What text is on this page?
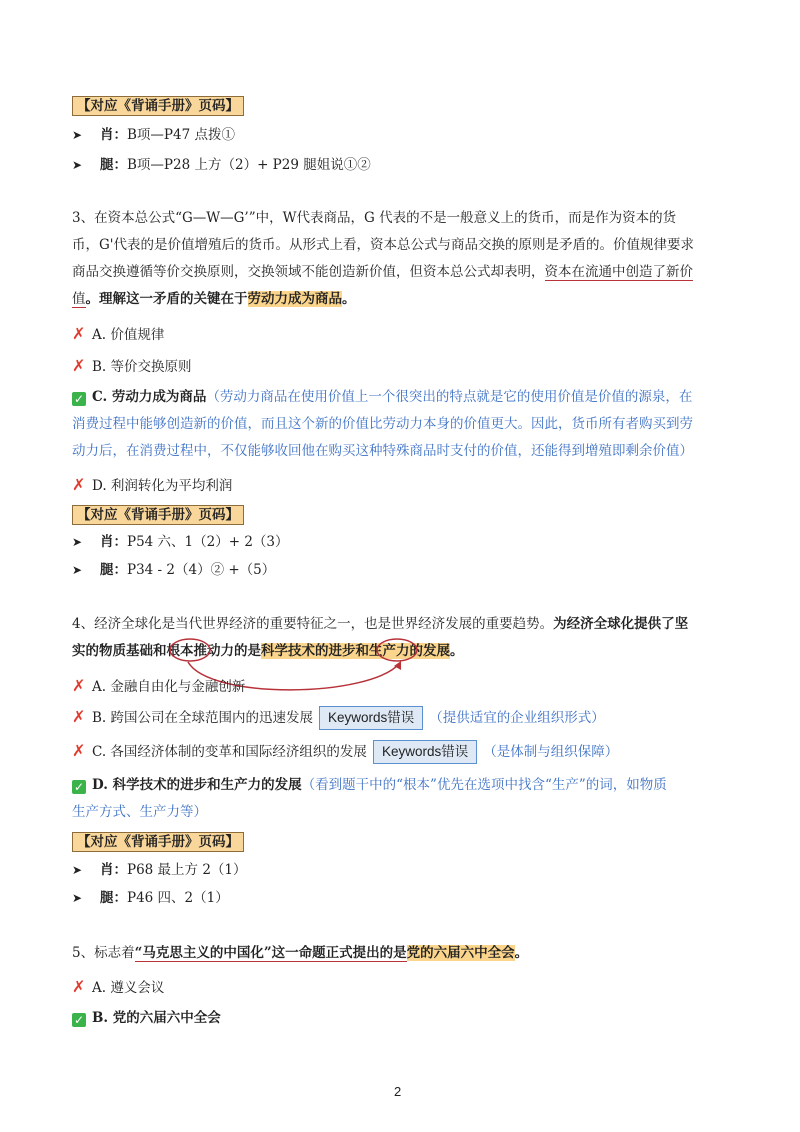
【对应《背诵手册》页码】
➤ 肖：B项—P47 点拨①
➤ 腿：B项—P28 上方（2）+ P29 腿姐说①②
3、在资本总公式“G—W—G’”中，W代表商品，G 代表的不是一般意义上的货币，而是作为资本的货
币，G'代表的是价值增殖后的货币。从形式上看，资本总公式与商品交换的原则是矛盾的。价值规律要求
商品交换遵循等价交换原则，交换领域不能创造新价值，但资本总公式却表明，资本在流通中创造了新价
值。理解这一矛盾的关键在于劳动力成为商品。
✗ A. 价值规律
✗ B. 等价交换原则
✓ C. 劳动力成为商品（劳动力商品在使用价值上一个很突出的特点就是它的使用价值是价值的源泉，在
消费过程中能够创造新的价值，而且这个新的价值比劳动力本身的价值更大。因此，货币所有者购买到劳
动力后，在消费过程中，不仅能够收回他在购买这种特殊商品时支付的价值，还能得到增殖即剩余价值）
✗ D. 利润转化为平均利润
【对应《背诵手册》页码】
➤ 肖：P54 六、1（2）+ 2（3）
➤ 腿：P34 - 2（4）② +（5）
4、经济全球化是当代世界经济的重要特征之一，也是世界经济发展的重要趋势。为经济全球化提供了坚
实的物质基础和根本推动力的是科学技术的进步和生产力的发展。
✗ A. 金融自由化与金融创新
✗ B. 跨国公司在全球范围内的迅速发展 Keywords错误 （提供适宜的企业组织形式）
✗ C. 各国经济体制的变革和国际经济组织的发展 Keywords错误 （是体制与组织保障）
✓ D. 科学技术的进步和生产力的发展（看到题干中的“根本”优先在选项中找含“生产”的词，如物质
生产方式、生产力等）
【对应《背诵手册》页码】
➤ 肖：P68 最上方 2（1）
➤ 腿：P46 四、2（1）
5、标志着“马克思主义的中国化”这一命题正式提出的是党的六届六中全会。
✗ A. 遵义会议
✓ B. 党的六届六中全会
2
